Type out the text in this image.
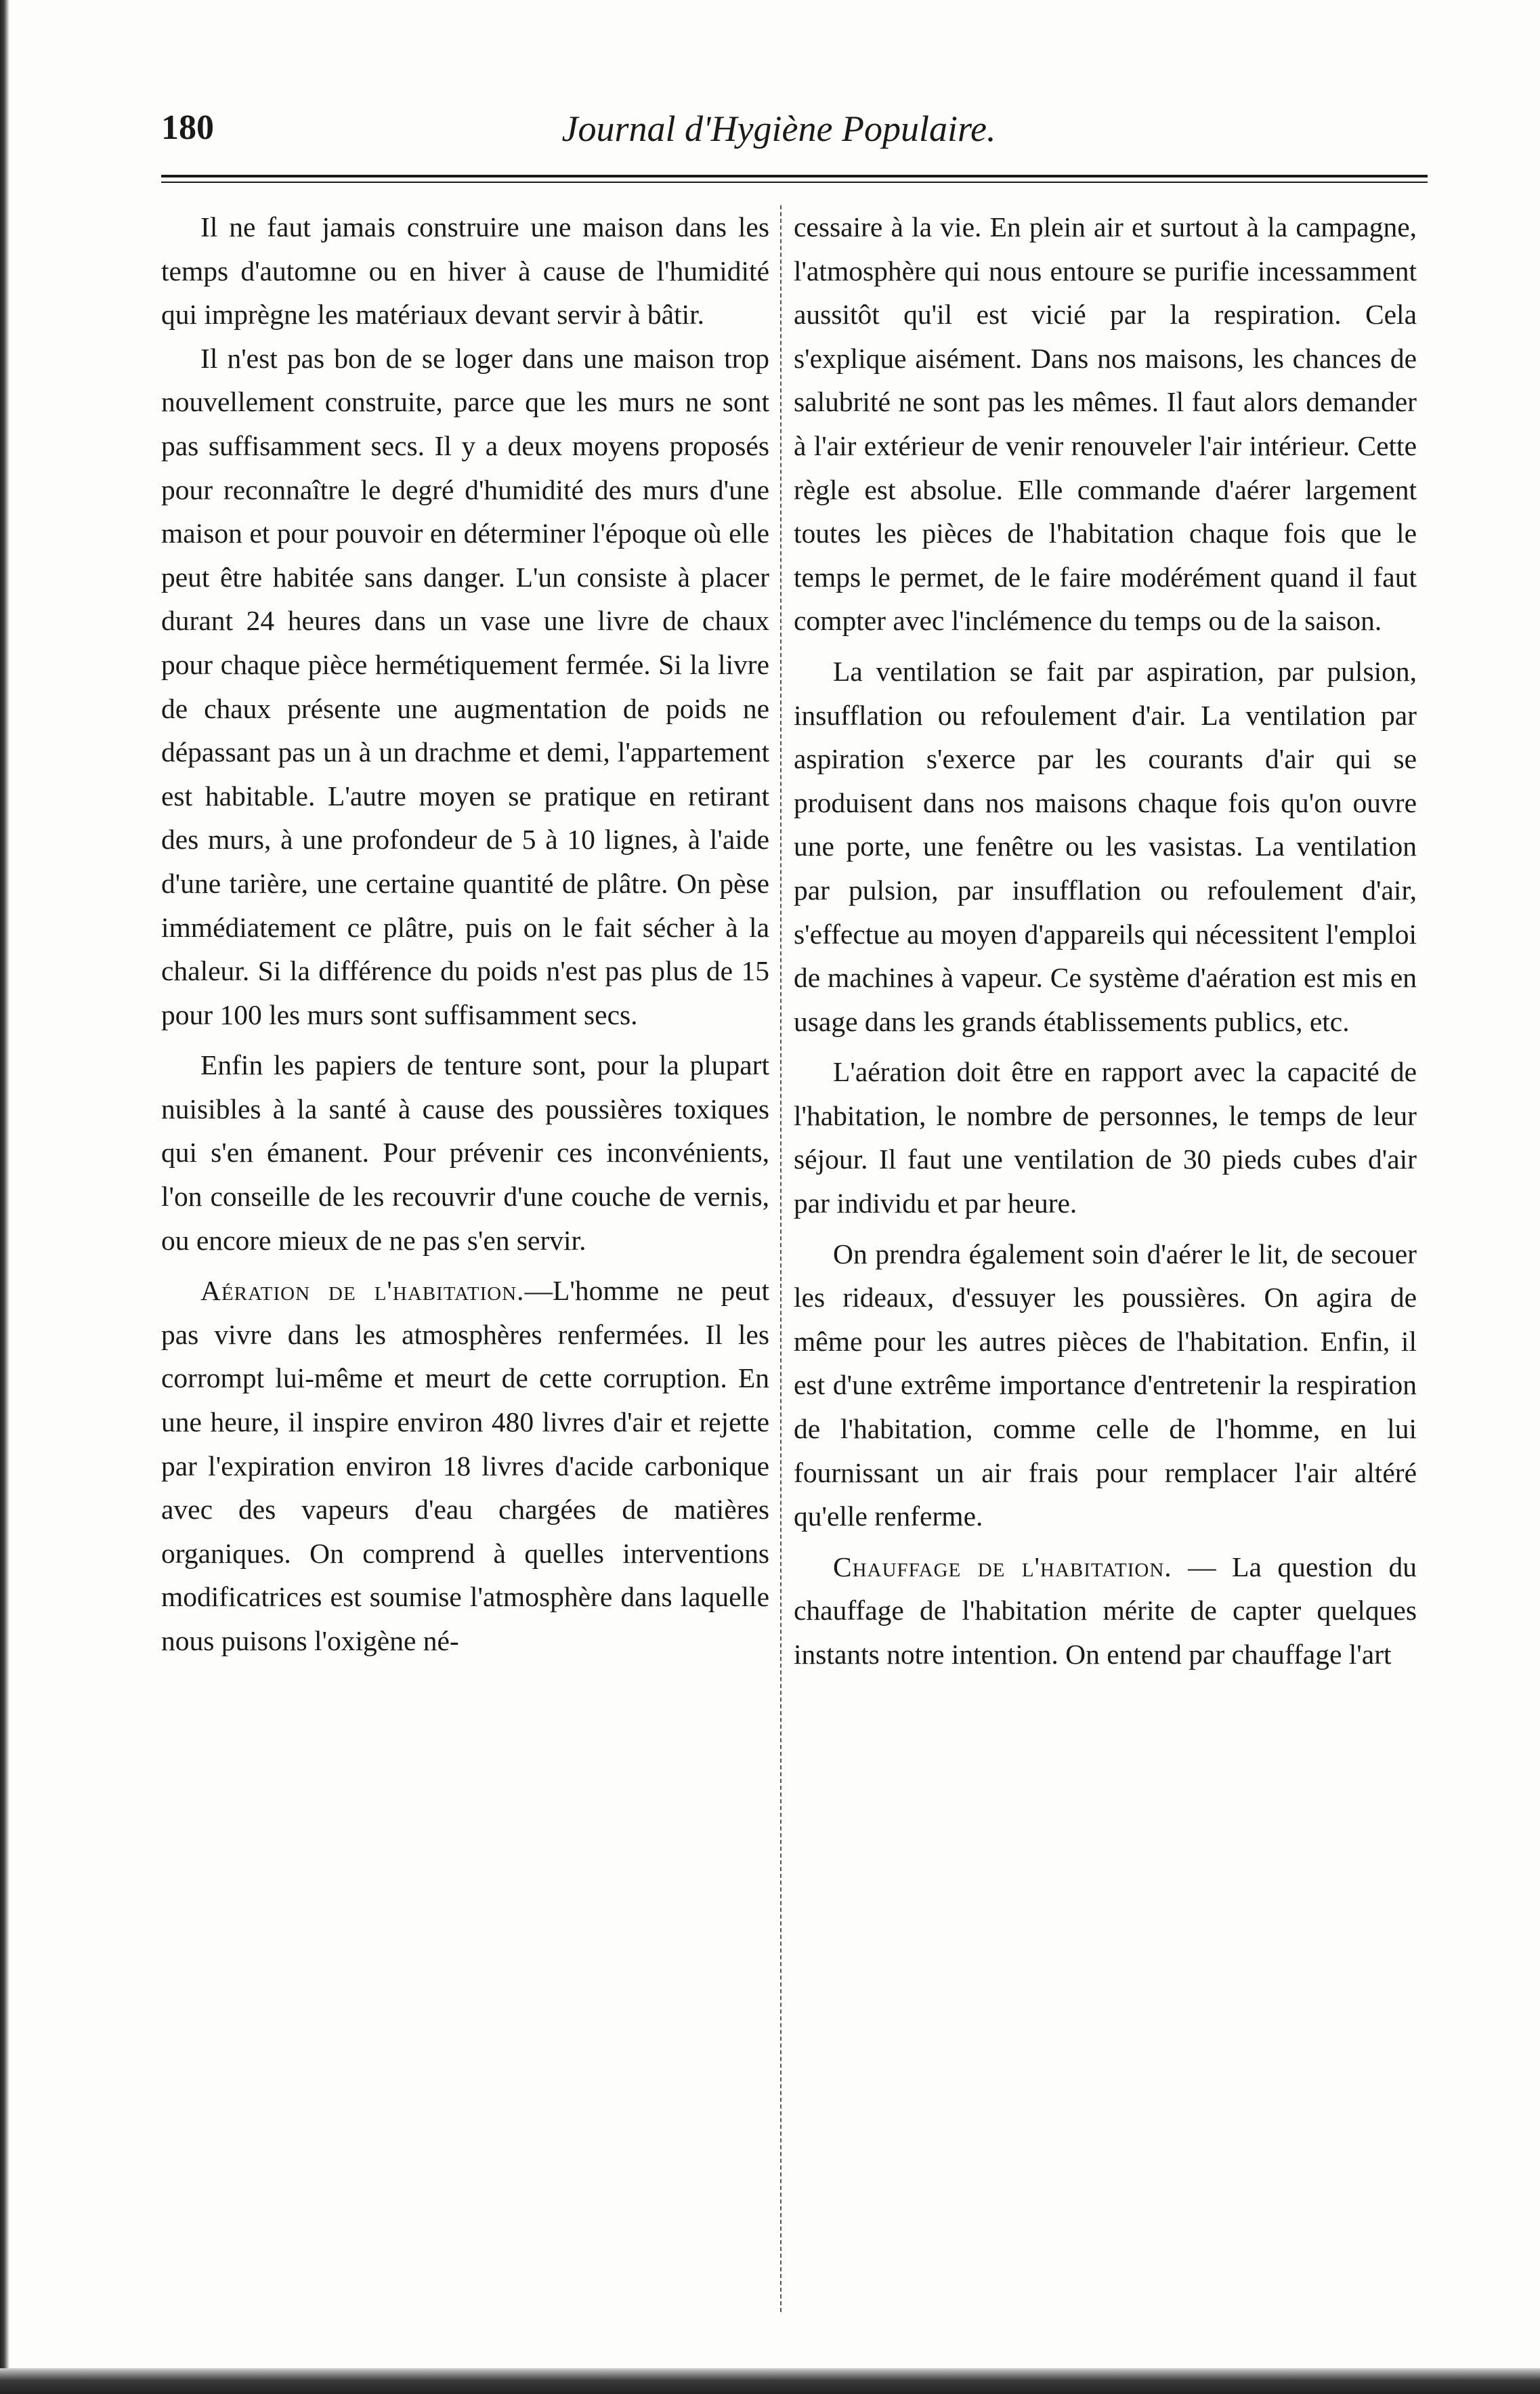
180	Journal d'Hygiène Populaire.

Il ne faut jamais construire une maison dans les temps d'automne ou en hiver à cause de l'humidité qui imprègne les matériaux devant servir à bâtir.

Il n'est pas bon de se loger dans une maison trop nouvellement construite, parce que les murs ne sont pas suffisamment secs. Il y a deux moyens proposés pour reconnaître le degré d'humidité des murs d'une maison et pour pouvoir en déterminer l'époque où elle peut être habitée sans danger. L'un consiste à placer durant 24 heures dans un vase une livre de chaux pour chaque pièce hermétiquement fermée. Si la livre de chaux présente une augmentation de poids ne dépassant pas un à un drachme et demi, l'appartement est habitable. L'autre moyen se pratique en retirant des murs, à une profondeur de 5 à 10 lignes, à l'aide d'une tarière, une certaine quantité de plâtre. On pèse immédiatement ce plâtre, puis on le fait sécher à la chaleur. Si la différence du poids n'est pas plus de 15 pour 100 les murs sont suffisamment secs.

Enfin les papiers de tenture sont, pour la plupart nuisibles à la santé à cause des poussières toxiques qui s'en émanent. Pour prévenir ces inconvénients, l'on conseille de les recouvrir d'une couche de vernis, ou encore mieux de ne pas s'en servir.

Aération de l'habitation.—L'homme ne peut pas vivre dans les atmosphères renfermées. Il les corrompt lui-même et meurt de cette corruption. En une heure, il inspire environ 480 livres d'air et rejette par l'expiration environ 18 livres d'acide carbonique avec des vapeurs d'eau chargées de matières organiques. On comprend à quelles interventions modificatrices est soumise l'atmosphère dans laquelle nous puisons l'oxigène né-

cessaire à la vie. En plein air et surtout à la campagne, l'atmosphère qui nous entoure se purifie incessamment aussitôt qu'il est vicié par la respiration. Cela s'explique aisément. Dans nos maisons, les chances de salubrité ne sont pas les mêmes. Il faut alors demander à l'air extérieur de venir renouveler l'air intérieur. Cette règle est absolue. Elle commande d'aérer largement toutes les pièces de l'habitation chaque fois que le temps le permet, de le faire modérément quand il faut compter avec l'inclémence du temps ou de la saison.

La ventilation se fait par aspiration, par pulsion, insufflation ou refoulement d'air. La ventilation par aspiration s'exerce par les courants d'air qui se produisent dans nos maisons chaque fois qu'on ouvre une porte, une fenêtre ou les vasistas. La ventilation par pulsion, par insufflation ou refoulement d'air, s'effectue au moyen d'appareils qui nécessitent l'emploi de machines à vapeur. Ce système d'aération est mis en usage dans les grands établissements publics, etc.

L'aération doit être en rapport avec la capacité de l'habitation, le nombre de personnes, le temps de leur séjour. Il faut une ventilation de 30 pieds cubes d'air par individu et par heure.

On prendra également soin d'aérer le lit, de secouer les rideaux, d'essuyer les poussières. On agira de même pour les autres pièces de l'habitation. Enfin, il est d'une extrême importance d'entretenir la respiration de l'habitation, comme celle de l'homme, en lui fournissant un air frais pour remplacer l'air altéré qu'elle renferme.

Chauffage de l'habitation. — La question du chauffage de l'habitation mérite de capter quelques instants notre intention. On entend par chauffage l'art
